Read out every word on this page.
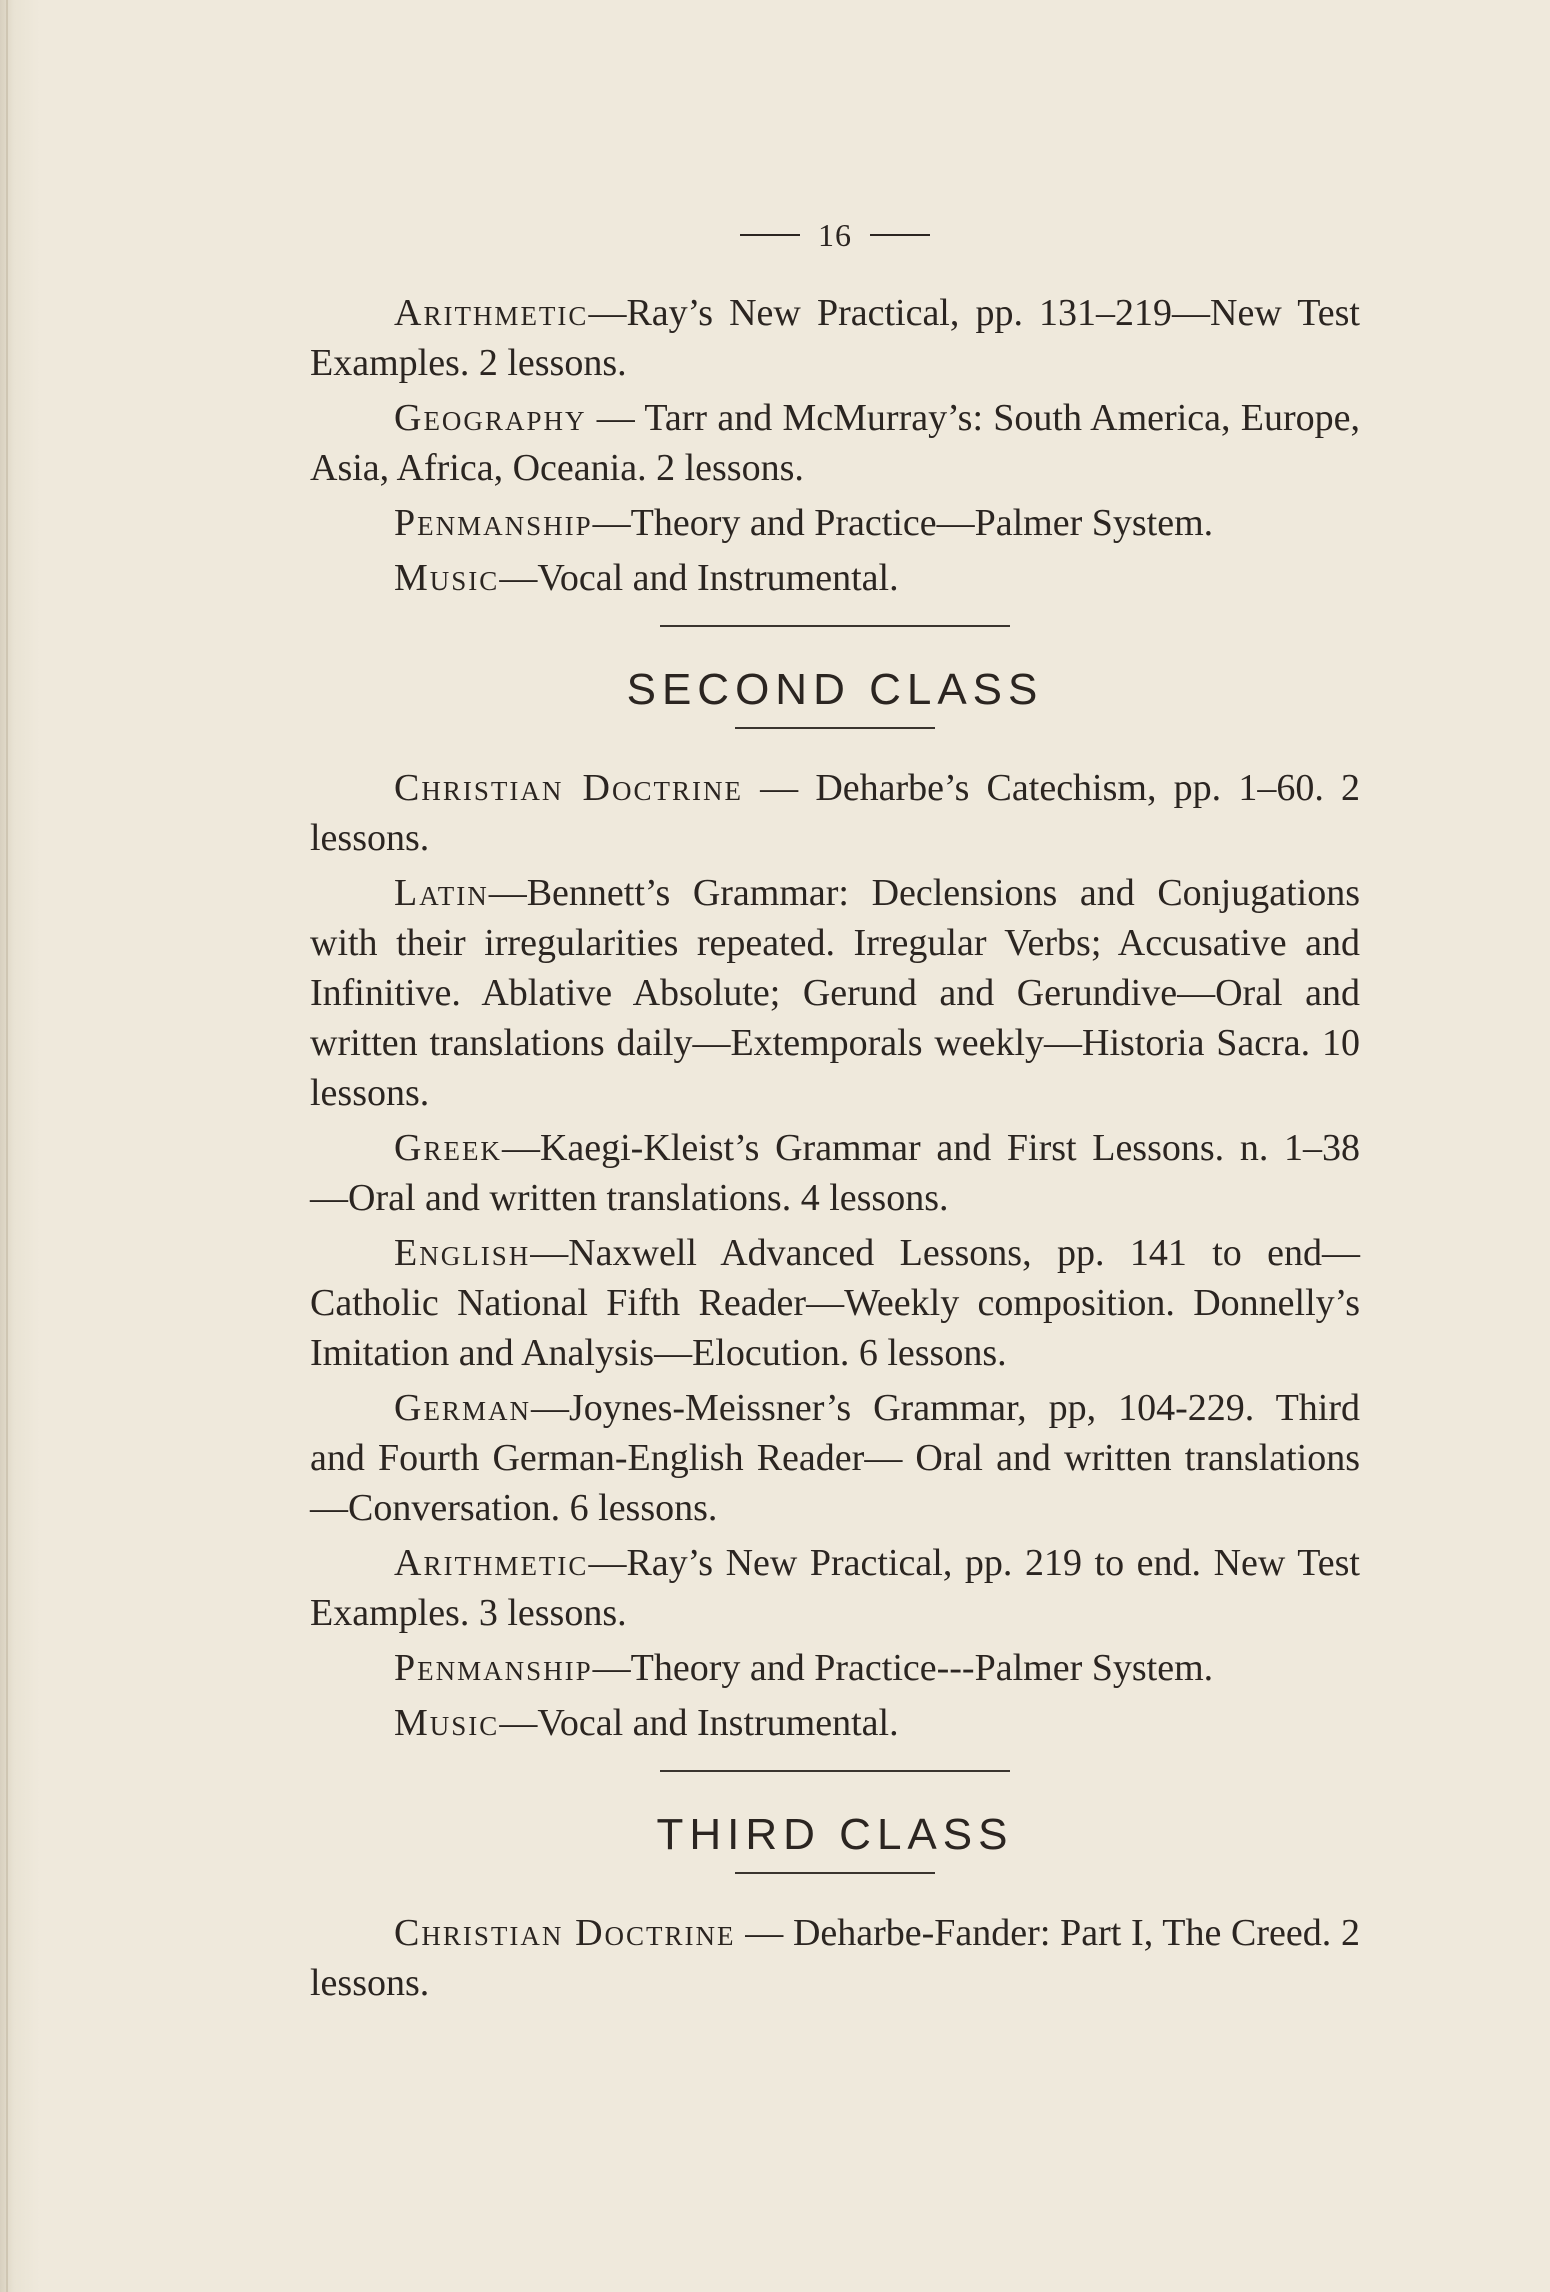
16

Arithmetic—Ray’s New Practical, pp. 131–219—New Test Examples. 2 lessons.

Geography — Tarr and McMurray’s: South America, Europe, Asia, Africa, Oceania. 2 lessons.

Penmanship—Theory and Practice—Palmer System.

Music—Vocal and Instrumental.

SECOND CLASS

Christian Doctrine — Deharbe’s Catechism, pp. 1–60. 2 lessons.

Latin—Bennett’s Grammar: Declensions and Conjugations with their irregularities repeated. Irregular Verbs; Accusative and Infinitive. Ablative Absolute; Gerund and Gerundive—Oral and written translations daily—Extemporals weekly—Historia Sacra. 10 lessons.

Greek—Kaegi-Kleist’s Grammar and First Lessons. n. 1–38—Oral and written translations. 4 lessons.

English—Naxwell Advanced Lessons, pp. 141 to end—Catholic National Fifth Reader—Weekly composition. Donnelly’s Imitation and Analysis—Elocution. 6 lessons.

German—Joynes-Meissner’s Grammar, pp, 104-229. Third and Fourth German-English Reader— Oral and written translations—Conversation. 6 lessons.

Arithmetic—Ray’s New Practical, pp. 219 to end. New Test Examples. 3 lessons.

Penmanship—Theory and Practice---Palmer System.

Music—Vocal and Instrumental.

THIRD CLASS

Christian Doctrine — Deharbe-Fander: Part I, The Creed. 2 lessons.
